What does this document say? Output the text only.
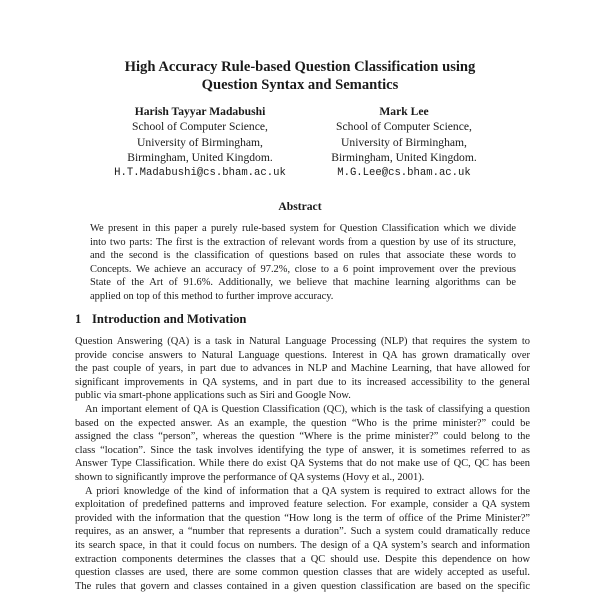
High Accuracy Rule-based Question Classification using
Question Syntax and Semantics
Harish Tayyar Madabushi
School of Computer Science,
University of Birmingham,
Birmingham, United Kingdom.
H.T.Madabushi@cs.bham.ac.uk
Mark Lee
School of Computer Science,
University of Birmingham,
Birmingham, United Kingdom.
M.G.Lee@cs.bham.ac.uk
Abstract
We present in this paper a purely rule-based system for Question Classification which we divide
into two parts: The first is the extraction of relevant words from a question by use of its structure,
and the second is the classification of questions based on rules that associate these words to
Concepts. We achieve an accuracy of 97.2%, close to a 6 point improvement over the previous
State of the Art of 91.6%. Additionally, we believe that machine learning algorithms can be
applied on top of this method to further improve accuracy.
1 Introduction and Motivation
Question Answering (QA) is a task in Natural Language Processing (NLP) that requires the system to
provide concise answers to Natural Language questions. Interest in QA has grown dramatically over
the past couple of years, in part due to advances in NLP and Machine Learning, that have allowed for
significant improvements in QA systems, and in part due to its increased accessibility to the general
public via smart-phone applications such as Siri and Google Now.
An important element of QA is Question Classification (QC), which is the task of classifying a question
based on the expected answer. As an example, the question “Who is the prime minister?” could be
assigned the class “person”, whereas the question “Where is the prime minister?” could belong to the
class “location”. Since the task involves identifying the type of answer, it is sometimes referred to as
Answer Type Classification. While there do exist QA Systems that do not make use of QC, QC has been
shown to significantly improve the performance of QA systems (Hovy et al., 2001).
A priori knowledge of the kind of information that a QA system is required to extract allows for the
exploitation of predefined patterns and improved feature selection. For example, consider a QA system
provided with the information that the question “How long is the term of office of the Prime Minister?”
requires, as an answer, a “number that represents a duration”. Such a system could dramatically reduce
its search space, in that it could focus on numbers. The design of a QA system’s search and information
extraction components determines the classes that a QC should use. Despite this dependence on how
question classes are used, there are some common question classes that are widely accepted as useful.
The rules that govern and classes contained in a given question classification are based on the specific
